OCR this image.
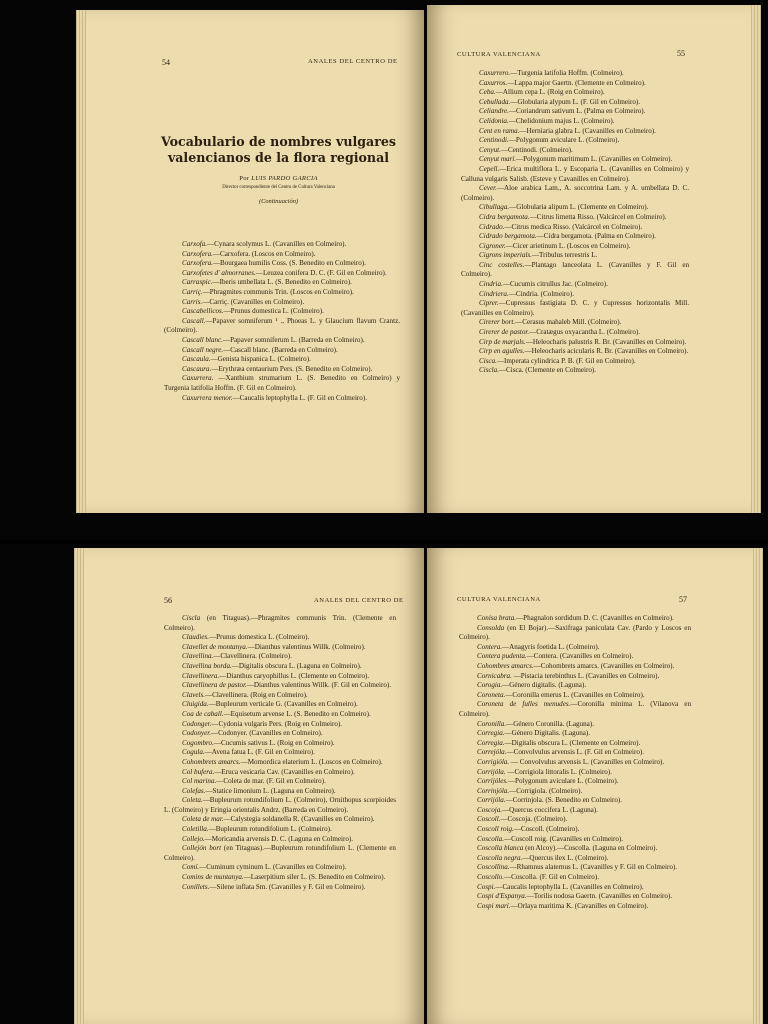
54	ANALES DEL CENTRO DE

Vocabulario de nombres vulgares
valencianos de la flora regional

Por LUIS PARDO GARCIA
Director correspondiente del Centro de Cultura Valenciana
(Continuación)

Carxofa.—Cynara scolymus L. (Cavanilles en Colmeiro).

Carxofera.—Carxofera. (Loscos en Colmeiro).

Carxofera.—Bourgaea humilis Coss. (S. Benedito en Colmeiro).

Carxofetes d' almorranes.—Leuzea conifera D. C. (F. Gil en Colmeiro).

Carraspic.—Iberis umbellata L. (S. Benedito en Colmeiro).

Carriç.—Phragmites communis Trin. (Loscos en Colmeiro).

Carris.—Carriç. (Cavanilles en Colmeiro).

Cascabellicos.—Prunus domestica L. (Colmeiro).

Cascall.—Papaver somniferum ¹ ., Phoeas L. y Glaucium flavum Crantz. (Colmeiro).

Cascall blanc.—Papaver somniferum L. (Barreda en Colmeiro).

Cascall negre.—Cascall blanc. (Barreda en Colmeiro).

Cascaula.—Genista hispanica L. (Colmeiro).

Cascaura.—Erythræa centaurium Pers. (S. Benedito en Colmeiro).

Caxurrera. —Xanthium strumarium L. (S. Benedito en Colmeiro) y Turgenia latifolia Hoffm. (F. Gil en Colmeiro).

Caxurrera menor.—Caucalis leptophylla L. (F. Gil en Colmeiro).

CULTURA VALENCIANA	55

Caxurrero.—Turgenia latifolia Hoffm. (Colmeiro).

Caxurros.—Lappa major Gaertn. (Clemente en Colmeiro).

Ceba.—Allium cepa L. (Roig en Colmeiro).

Cebullada.—Globularia alypum L. (F. Gil en Colmeiro).

Celiandre.—Coriandrum sativum L. (Palma en Colmeiro).

Celidonia.—Chelidonium majus L. (Colmeiro).

Cent en rama.—Herniaria glabra L. (Cavanilles en Colmeiro).

Centinodi.—Polygonum aviculare L. (Colmeiro).

Cenyut.—Centinodi. (Colmeiro).

Cenyut marí.—Polygonum maritimum L. (Cavanilles en Colmeiro).

Cepell.—Erica multiflora L. y Escoparia L. (Cavanilles en Colmeiro) y Calluna vulgaris Salisb. (Esteve y Cavanilles en Colmeiro).

Cever.—Aloe arabica Lam., A. soccotrina Lam. y A. umbellata D. C. (Colmeiro).

Cibullaga.—Globularia alipum L. (Clemente en Colmeiro).

Cidra bergamota.—Citrus limetta Risso. (Valcárcel en Colmeiro).

Cidrado.—Citrus medica Risso. (Valcárcel en Colmeiro).

Cidrado bergamota.—Cidra bergamota. (Palma en Colmeiro).

Cigroner.—Cicer arietinum L. (Loscos en Colmeiro).

Cigrons imperials.—Tribulus terrestris L.

Cinc costelles.—Plantago lanceolata L. (Cavanilles y F. Gil en Colmeiro).

Cindria.—Cucumis citrullus Jac. (Colmeiro).

Cindriera.—Cindria. (Colmeiro).

Ciprer.—Cupressus fastigiata D. C. y Cupressus horizontalis Mill. (Cavanilles en Colmeiro).

Cirerer bort.—Cerasus mahaleb Mill. (Colmeiro).

Cirerer de pastor.—Cratægus oxyacantha L. (Colmeiro).

Cirp de marjals.—Heleocharis palustris R. Br. (Cavanilles en Colmeiro).

Cirp en agulles.—Heleocharis acicularis R. Br. (Cavanilles en Colmeiro).

Cisca.—Imperata cylindrica P. B. (F. Gil en Colmeiro).

Ciscla.—Cisca. (Clemente en Colmeiro).

56	ANALES DEL CENTRO DE

Ciscla (en Titaguas).—Phragmites communis Trin. (Clemente en Colmeiro).

Claudies.—Prunus domestica L. (Colmeiro).

Clavellet de montanya.—Dianthus valentinus Willk. (Colmeiro).

Clavellina.—Clavellinera. (Colmeiro).

Clavellina borda.—Digitalis obscura L. (Laguna en Colmeiro).

Clavellinera.—Dianthus caryophillus L. (Clemente en Colmeiro).

Clavellinera de pastor.—Dianthus valentinus Willk. (F. Gil en Colmeiro).

Clavels.—Clavellinera. (Roig en Colmeiro).

Cluigida.—Bupleurum verticale G. (Cavanilles en Colmeiro).

Coa de caball.—Equisetum arvense L. (S. Benedito en Colmeiro).

Codonger.—Cydonia vulgaris Pers. (Roig en Colmeiro).

Codonyer.—Codonyer. (Cavanilles en Colmeiro).

Cogombro.—Cucumis sativus L. (Roig en Colmeiro).

Cogula.—Avena fatua L. (F. Gil en Colmeiro).

Cohombrets amarcs.—Momordica elaterium L. (Loscos en Colmeiro).

Col bufera.—Eruca vesicaria Cav. (Cavanilles en Colmeiro).

Col marina.—Coleta de mar. (F. Gil en Colmeiro).

Colefas.—Statice limonium L. (Laguna en Colmeiro).

Coleta.—Bupleurum rotundifolium L. (Colmeiro), Ornithopus scorpioides L. (Colmeiro) y Eringia orientalis Andrz. (Barreda en Colmeiro).

Coleta de mar.—Calystegia soldanella R. (Cavanilles en Colmeiro).

Coletilla.—Bupleurum rotundifolium L. (Colmeiro).

Collejo.—Moricandia arvensis D. C. (Laguna en Colmeiro).

Collejón bort (en Titaguas).—Bupleurum rotundifolium L. (Clemente en Colmeiro).

Comí.—Cuminum cyminum L. (Cavanilles en Colmeiro).

Comins de muntanya.—Laserpitium siler L. (S. Benedito en Colmeiro).

Conillets.—Silene inflata Sm. (Cavanilles y F. Gil en Colmeiro).

CULTURA VALENCIANA	57

Conisa brata.—Phagnalon sordidum D. C. (Cavanilles en Colmeiro).

Consolda (en El Bojar).—Saxifraga paniculata Cav. (Pardo y Loscos en Colmeiro).

Contera.—Anagyris foetida L. (Colmeiro).

Contera pudenta.—Contera. (Cavanilles en Colmeiro).

Cohombres amarcs.—Cohombrets amarcs. (Cavanilles en Colmeiro).

Cornicabra. —Pistacia terebinthus L. (Cavanilles en Colmeiro).

Corogia.—Género digitalis. (Laguna).

Coroneta.—Coronilla emerus L. (Cavanilles en Colmeiro).

Coroneta de fulles menudes.—Coronilla minima L. (Vilanova en Colmeiro).

Coronilla.—Género Coronilla. (Laguna).

Corregia.—Género Digitalis. (Laguna).

Corregia.—Digitalis obscura L. (Clemente en Colmeiro).

Correjóla.—Convolvulus arvensis L. (F. Gil en Colmeiro).

Corrigióla. — Convolvulus arvensis L. (Cavanilles en Colmeiro).

Corrijóla. —Corrigiola littoralis L. (Colmeiro).

Corrijóles.—Polygonum aviculare L. (Colmeiro).

Corrinjóla.—Corrigiola. (Colmeiro).

Corrijóla.—Corrinjola. (S. Benedito en Colmeiro).

Coscoja.—Quercus coccifera L. (Laguna).

Coscoll.—Coscoja. (Colmeiro).

Coscoll roig.—Coscoll. (Colmeiro).

Coscolla.—Coscoll roig. (Cavanilles en Colmeiro).

Coscolla blanca (en Alcoy).—Coscolla. (Laguna en Colmeiro).

Coscolla negra.—Quercus ilex L. (Colmeiro).

Coscollina.—Rhamnus alaternus L. (Cavanilles y F. Gil en Colmeiro).

Coscollo.—Coscolla. (F. Gil en Colmeiro).

Cospi.—Caucalis leptophylla L. (Cavanilles en Colmeiro).

Cospi d'Espanya.—Torilis nodosa Gaertn. (Cavanilles en Colmeiro).

Cospi marí.—Orlaya maritima K. (Cavanilles en Colmeiro).
